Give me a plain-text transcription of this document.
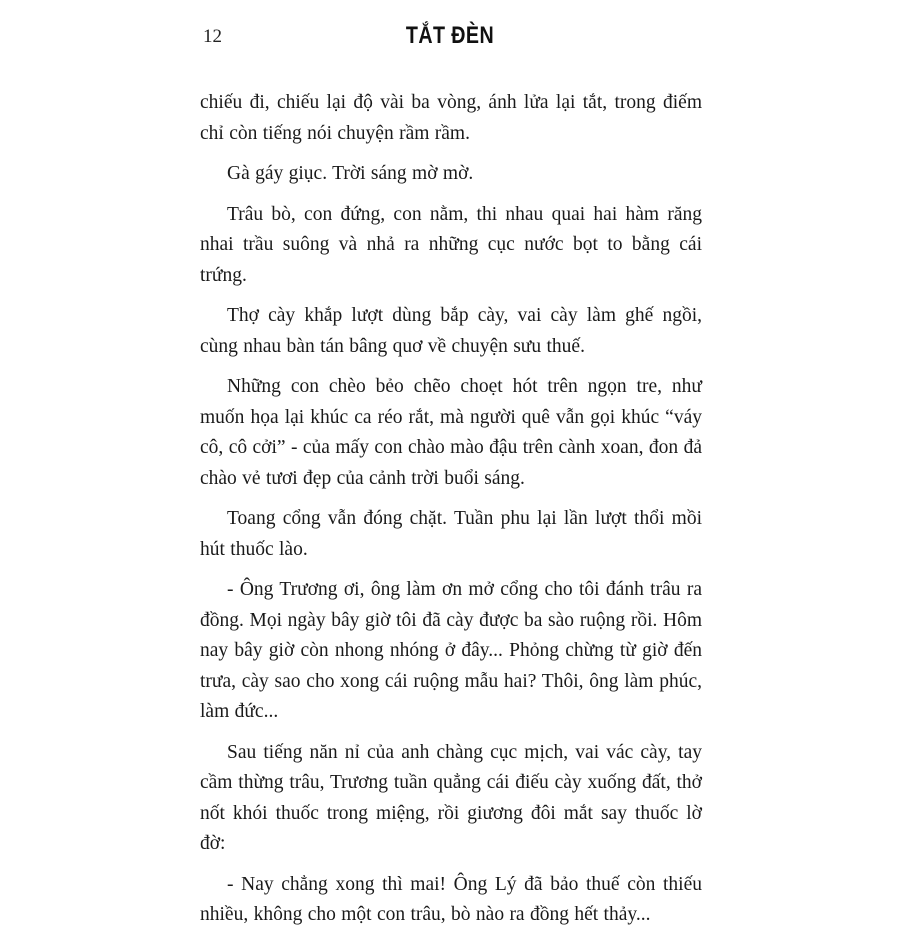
12	TẮT ĐÈN

chiếu đi, chiếu lại độ vài ba vòng, ánh lửa lại tắt, trong điếm chỉ còn tiếng nói chuyện rầm rầm.

Gà gáy giục. Trời sáng mờ mờ.

Trâu bò, con đứng, con nằm, thi nhau quai hai hàm răng nhai trầu suông và nhả ra những cục nước bọt to bằng cái trứng.

Thợ cày khắp lượt dùng bắp cày, vai cày làm ghế ngồi, cùng nhau bàn tán bâng quơ về chuyện sưu thuế.

Những con chèo bẻo chẽo choẹt hót trên ngọn tre, như muốn họa lại khúc ca réo rắt, mà người quê vẫn gọi khúc “váy cô, cô cởi” - của mấy con chào mào đậu trên cành xoan, đon đả chào vẻ tươi đẹp của cảnh trời buổi sáng.

Toang cổng vẫn đóng chặt. Tuần phu lại lần lượt thổi mồi hút thuốc lào.

- Ông Trương ơi, ông làm ơn mở cổng cho tôi đánh trâu ra đồng. Mọi ngày bây giờ tôi đã cày được ba sào ruộng rồi. Hôm nay bây giờ còn nhong nhóng ở đây... Phỏng chừng từ giờ đến trưa, cày sao cho xong cái ruộng mẫu hai? Thôi, ông làm phúc, làm đức...

Sau tiếng năn nỉ của anh chàng cục mịch, vai vác cày, tay cầm thừng trâu, Trương tuần quẳng cái điếu cày xuống đất, thở nốt khói thuốc trong miệng, rồi giương đôi mắt say thuốc lờ đờ:

- Nay chẳng xong thì mai! Ông Lý đã bảo thuế còn thiếu nhiều, không cho một con trâu, bò nào ra đồng hết thảy...
